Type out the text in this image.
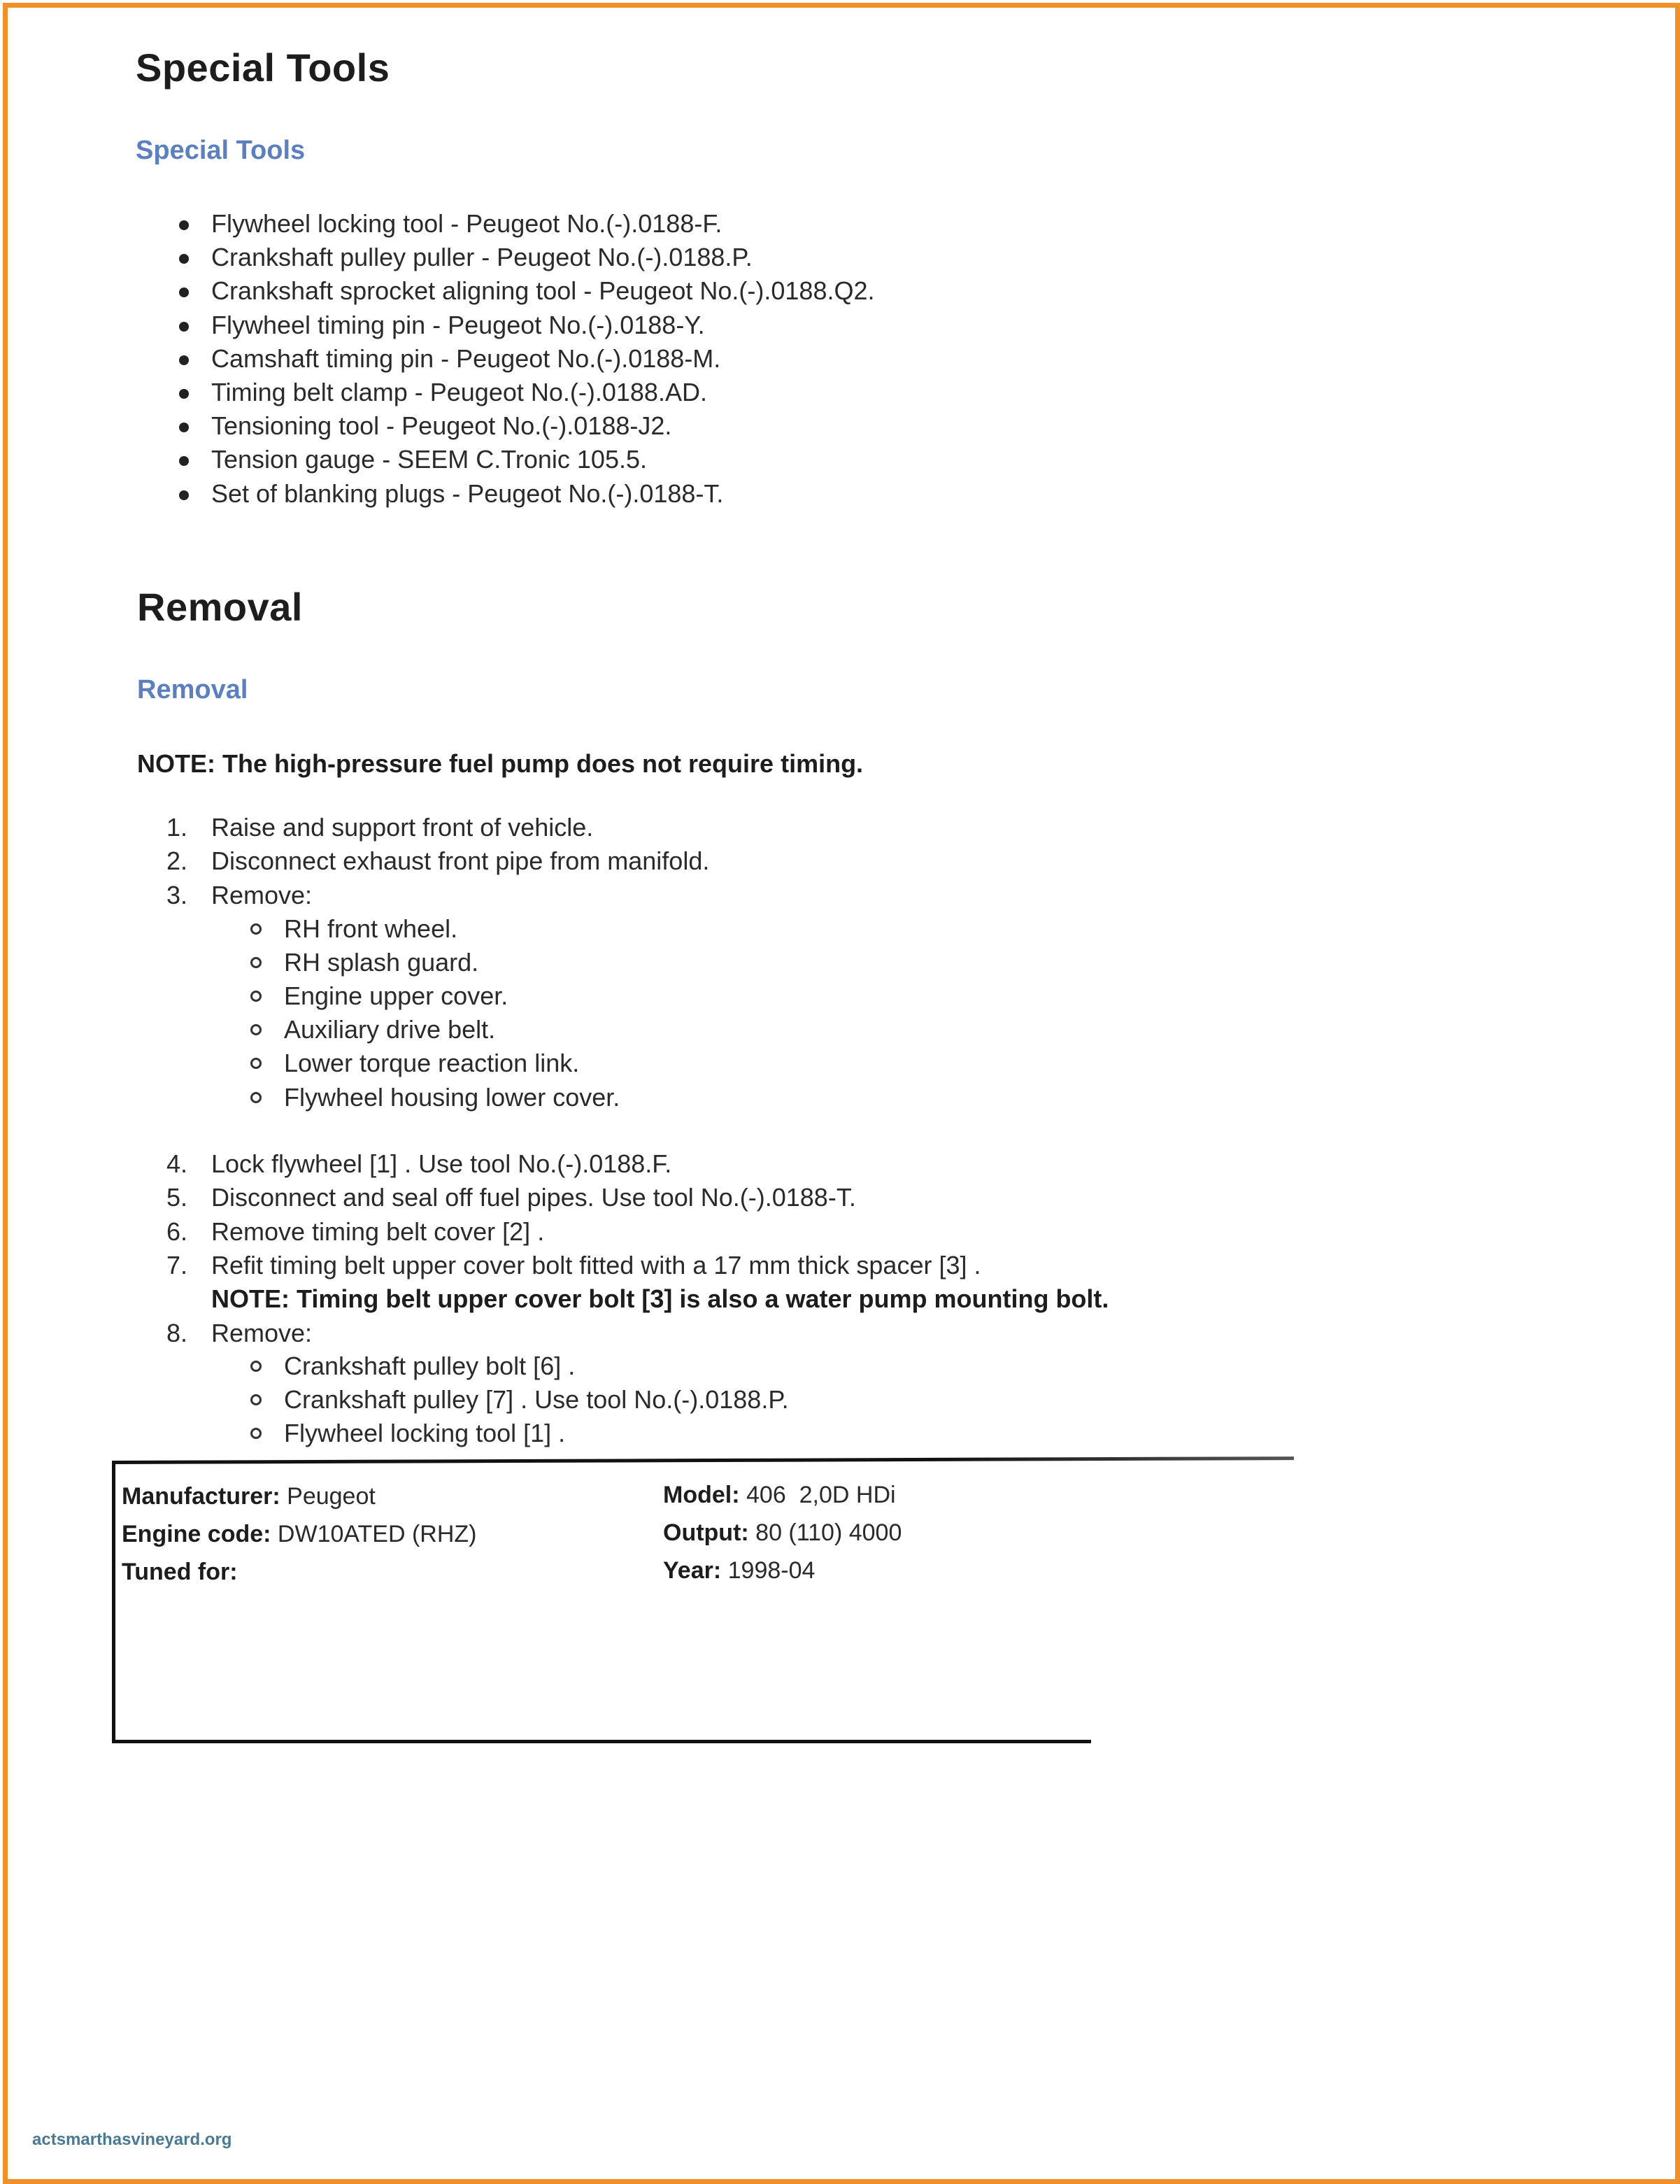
Special Tools
Special Tools
Flywheel locking tool - Peugeot No.(-).0188-F.
Crankshaft pulley puller - Peugeot No.(-).0188.P.
Crankshaft sprocket aligning tool - Peugeot No.(-).0188.Q2.
Flywheel timing pin - Peugeot No.(-).0188-Y.
Camshaft timing pin - Peugeot No.(-).0188-M.
Timing belt clamp - Peugeot No.(-).0188.AD.
Tensioning tool - Peugeot No.(-).0188-J2.
Tension gauge - SEEM C.Tronic 105.5.
Set of blanking plugs - Peugeot No.(-).0188-T.
Removal
Removal
NOTE: The high-pressure fuel pump does not require timing.
1. Raise and support front of vehicle.
2. Disconnect exhaust front pipe from manifold.
3. Remove:
RH front wheel.
RH splash guard.
Engine upper cover.
Auxiliary drive belt.
Lower torque reaction link.
Flywheel housing lower cover.
4. Lock flywheel [1] . Use tool No.(-).0188.F.
5. Disconnect and seal off fuel pipes. Use tool No.(-).0188-T.
6. Remove timing belt cover [2] .
7. Refit timing belt upper cover bolt fitted with a 17 mm thick spacer [3] .
NOTE: Timing belt upper cover bolt [3] is also a water pump mounting bolt.
8. Remove:
Crankshaft pulley bolt [6] .
Crankshaft pulley [7] . Use tool No.(-).0188.P.
Flywheel locking tool [1] .
Manufacturer: Peugeot
Engine code: DW10ATED (RHZ)
Tuned for:
Model: 406  2,0D HDi
Output: 80 (110) 4000
Year: 1998-04
actsmarthasvineyard.org
